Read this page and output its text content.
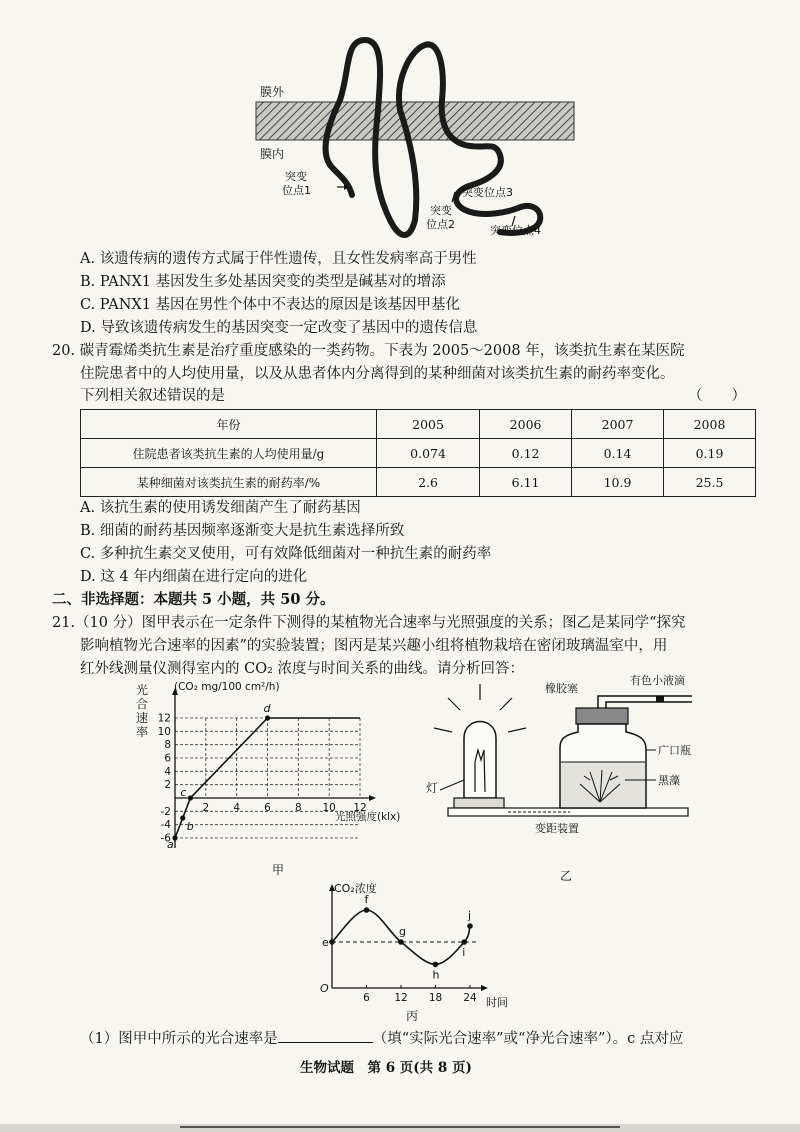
膜外
膜内
突变
位点1	突变位点3
突变
位点2	突变位点4
A. 该遗传病的遗传方式属于伴性遗传，且女性发病率高于男性
B. PANX1 基因发生多处基因突变的类型是碱基对的增添
C. PANX1 基因在男性个体中不表达的原因是该基因甲基化
D. 导致该遗传病发生的基因突变一定改变了基因中的遗传信息
20. 碳青霉烯类抗生素是治疗重度感染的一类药物。下表为 2005～2008 年，该类抗生素在某医院
住院患者中的人均使用量，以及从患者体内分离得到的某种细菌对该类抗生素的耐药率变化。
下列相关叙述错误的是	（　　）
年份	2005	2006	2007	2008
住院患者该类抗生素的人均使用量/g	0.074	0.12	0.14	0.19
某种细菌对该类抗生素的耐药率/%	2.6	6.11	10.9	25.5
A. 该抗生素的使用诱发细菌产生了耐药基因
B. 细菌的耐药基因频率逐渐变大是抗生素选择所致
C. 多种抗生素交叉使用，可有效降低细菌对一种抗生素的耐药率
D. 这 4 年内细菌在进行定向的进化
二、非选择题：本题共 5 小题，共 50 分。
21.（10 分）图甲表示在一定条件下测得的某植物光合速率与光照强度的关系；图乙是某同学“探究
影响植物光合速率的因素”的实验装置；图丙是某兴趣小组将植物栽培在密闭玻璃温室中，用
红外线测量仪测得室内的 CO₂ 浓度与时间关系的曲线。请分析回答：
12
10
8
6
4
2
-2
-4
-6
2 4 6 8 10 12
a
b
c
d
光
合
速
率
(CO₂ mg/100 cm²/h)
光照强度(klx)
甲
灯
变距装置
乙
橡胶塞
有色小液滴
广口瓶
黑藻
6 12 18 24
e
f
g
h
i
j
CO₂浓度
时间
O
丙
（1）图甲中所示的光合速率是	（填“实际光合速率”或“净光合速率”）。c 点对应
生物试题　第 6 页(共 8 页)
